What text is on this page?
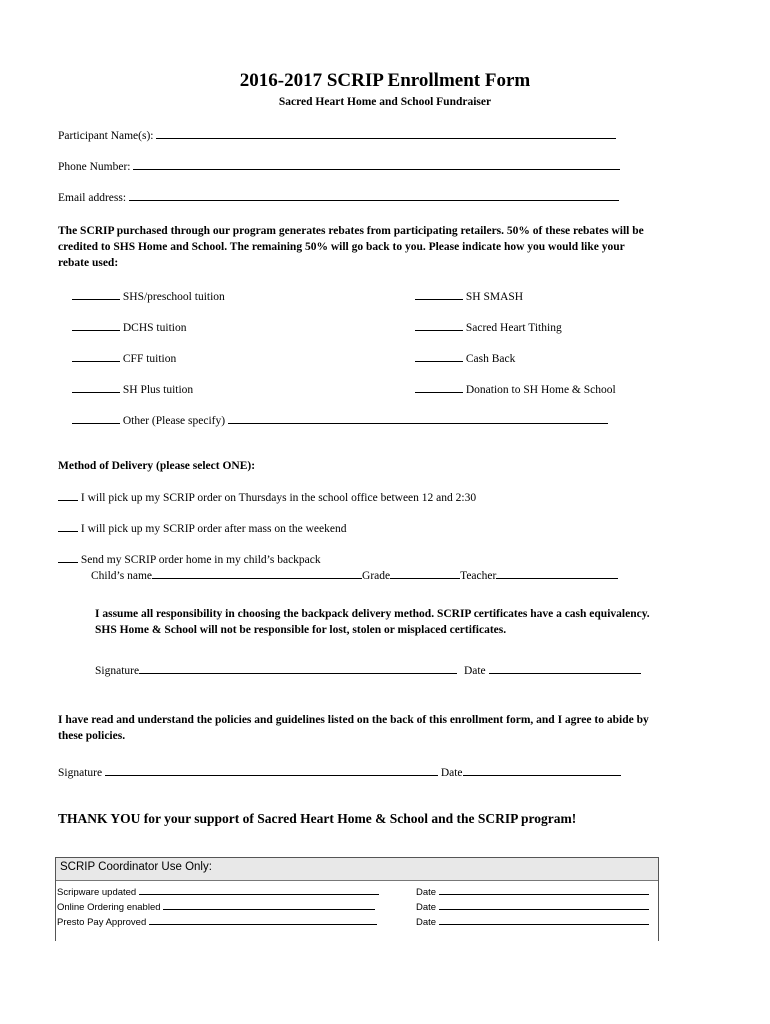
2016-2017 SCRIP Enrollment Form
Sacred Heart Home and School Fundraiser
Participant Name(s):
Phone Number:
Email address:
The SCRIP purchased through our program generates rebates from participating retailers. 50% of these rebates will be credited to SHS Home and School. The remaining 50% will go back to you. Please indicate how you would like your rebate used:
SHS/preschool tuition
DCHS tuition
CFF tuition
SH Plus tuition
SH SMASH
Sacred Heart Tithing
Cash Back
Donation to SH Home & School
Other (Please specify)
Method of Delivery (please select ONE):
I will pick up my SCRIP order on Thursdays in the school office between 12 and 2:30
I will pick up my SCRIP order after mass on the weekend
Send my SCRIP order home in my child’s backpack
Child’s name	Grade	Teacher
I assume all responsibility in choosing the backpack delivery method. SCRIP certificates have a cash equivalency. SHS Home & School will not be responsible for lost, stolen or misplaced certificates.
Signature	Date
I have read and understand the policies and guidelines listed on the back of this enrollment form, and I agree to abide by these policies.
Signature	Date
THANK YOU for your support of Sacred Heart Home & School and the SCRIP program!
SCRIP Coordinator Use Only:
Scripware updated	Date
Online Ordering enabled	Date
Presto Pay Approved	Date
